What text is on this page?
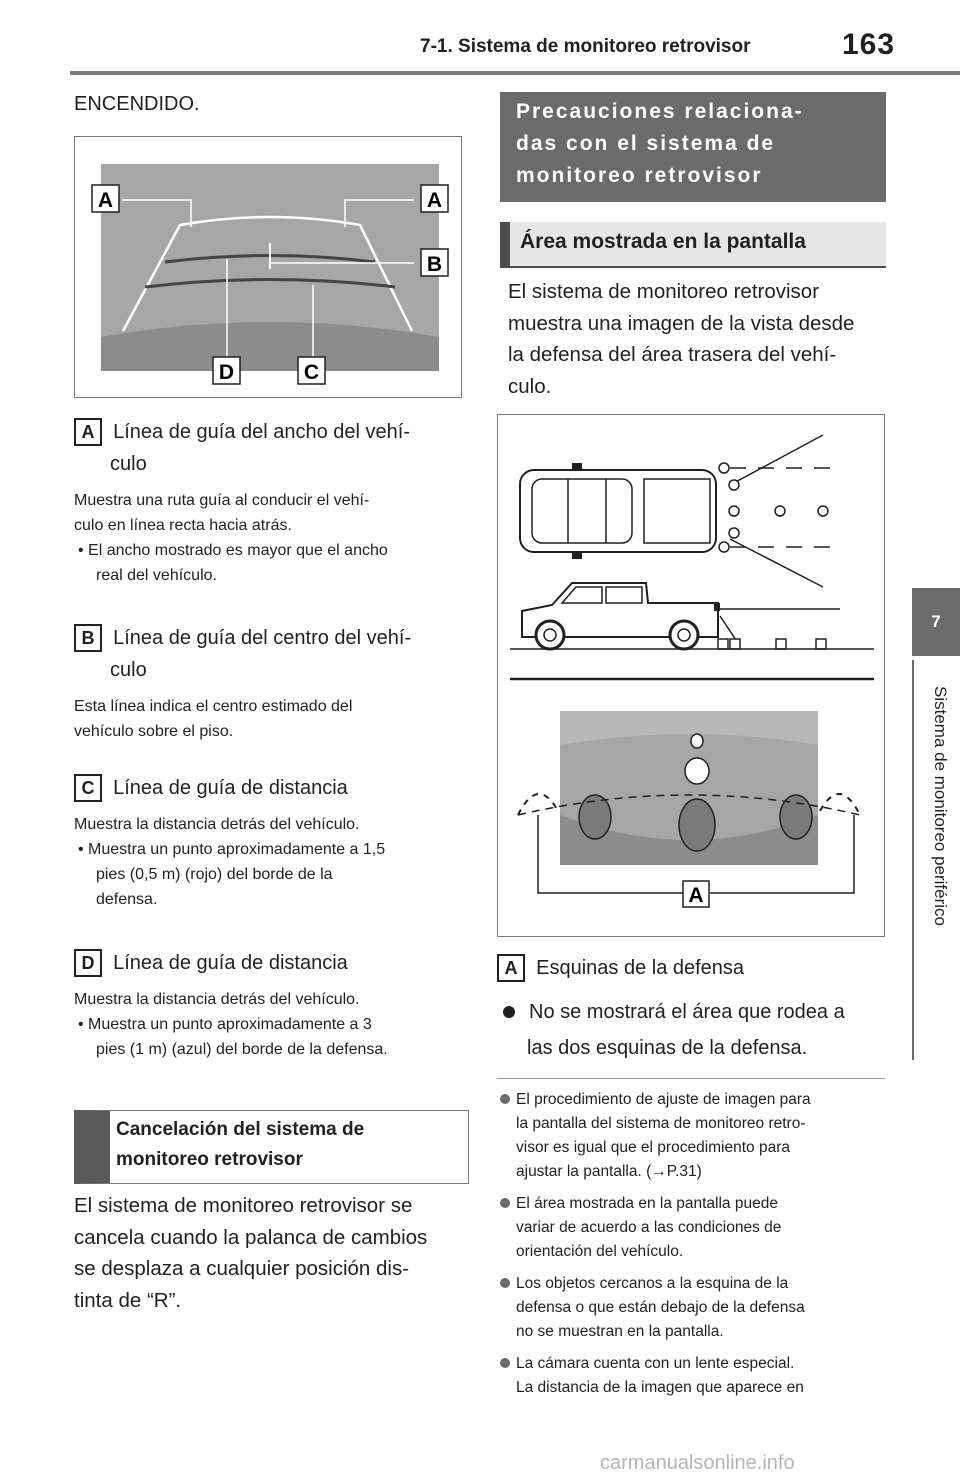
7-1. Sistema de monitoreo retrovisor	163
7
Sistema de monitoreo periférico
ENCENDIDO.
A	A
B
D	C
A Línea de guía del ancho del vehí-
culo
Muestra una ruta guía al conducir el vehí-
culo en línea recta hacia atrás.
• El ancho mostrado es mayor que el ancho
real del vehículo.
B Línea de guía del centro del vehí-
culo
Esta línea indica el centro estimado del
vehículo sobre el piso.
C Línea de guía de distancia
Muestra la distancia detrás del vehículo.
• Muestra un punto aproximadamente a 1,5
pies (0,5 m) (rojo) del borde de la
defensa.
D Línea de guía de distancia
Muestra la distancia detrás del vehículo.
• Muestra un punto aproximadamente a 3
pies (1 m) (azul) del borde de la defensa.
Cancelación del sistema de
monitoreo retrovisor
El sistema de monitoreo retrovisor se
cancela cuando la palanca de cambios
se desplaza a cualquier posición dis-
tinta de “R”.
Precauciones relaciona-
das con el sistema de
monitoreo retrovisor
Área mostrada en la pantalla
El sistema de monitoreo retrovisor
muestra una imagen de la vista desde
la defensa del área trasera del vehí-
culo.
A
A Esquinas de la defensa
No se mostrará el área que rodea a
las dos esquinas de la defensa.
El procedimiento de ajuste de imagen para
la pantalla del sistema de monitoreo retro-
visor es igual que el procedimiento para
ajustar la pantalla. (→P.31)
El área mostrada en la pantalla puede
variar de acuerdo a las condiciones de
orientación del vehículo.
Los objetos cercanos a la esquina de la
defensa o que están debajo de la defensa
no se muestran en la pantalla.
La cámara cuenta con un lente especial.
La distancia de la imagen que aparece en
carmanualsonline.info
